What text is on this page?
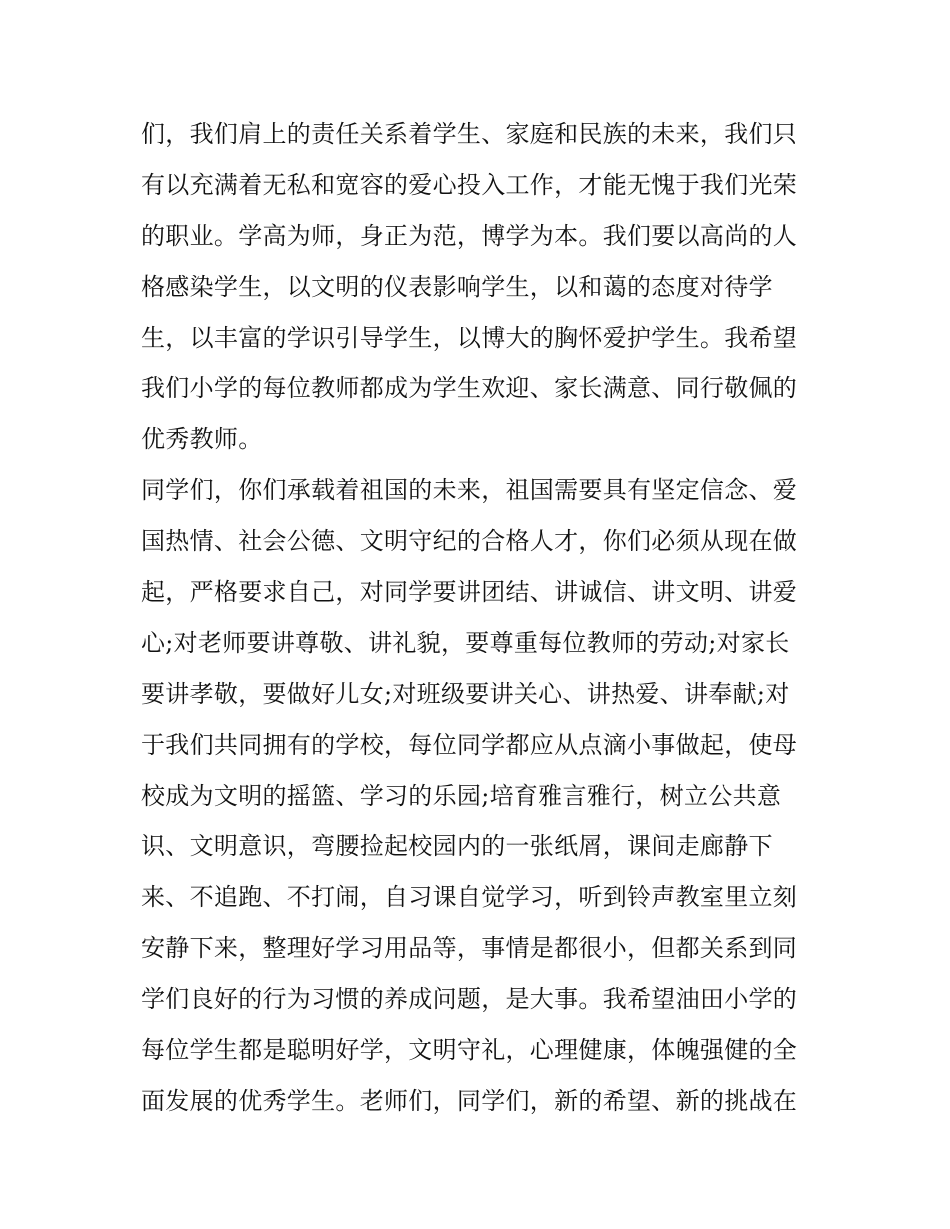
们，我们肩上的责任关系着学生、家庭和民族的未来，我们只
有以充满着无私和宽容的爱心投入工作，才能无愧于我们光荣
的职业。学高为师，身正为范，博学为本。我们要以高尚的人
格感染学生，以文明的仪表影响学生，以和蔼的态度对待学
生，以丰富的学识引导学生，以博大的胸怀爱护学生。我希望
我们小学的每位教师都成为学生欢迎、家长满意、同行敬佩的
优秀教师。
同学们，你们承载着祖国的未来，祖国需要具有坚定信念、爱
国热情、社会公德、文明守纪的合格人才，你们必须从现在做
起，严格要求自己，对同学要讲团结、讲诚信、讲文明、讲爱
心;对老师要讲尊敬、讲礼貌，要尊重每位教师的劳动;对家长
要讲孝敬，要做好儿女;对班级要讲关心、讲热爱、讲奉献;对
于我们共同拥有的学校，每位同学都应从点滴小事做起，使母
校成为文明的摇篮、学习的乐园;培育雅言雅行，树立公共意
识、文明意识，弯腰捡起校园内的一张纸屑，课间走廊静下
来、不追跑、不打闹，自习课自觉学习，听到铃声教室里立刻
安静下来，整理好学习用品等，事情是都很小，但都关系到同
学们良好的行为习惯的养成问题，是大事。我希望油田小学的
每位学生都是聪明好学，文明守礼，心理健康，体魄强健的全
面发展的优秀学生。老师们，同学们，新的希望、新的挑战在
